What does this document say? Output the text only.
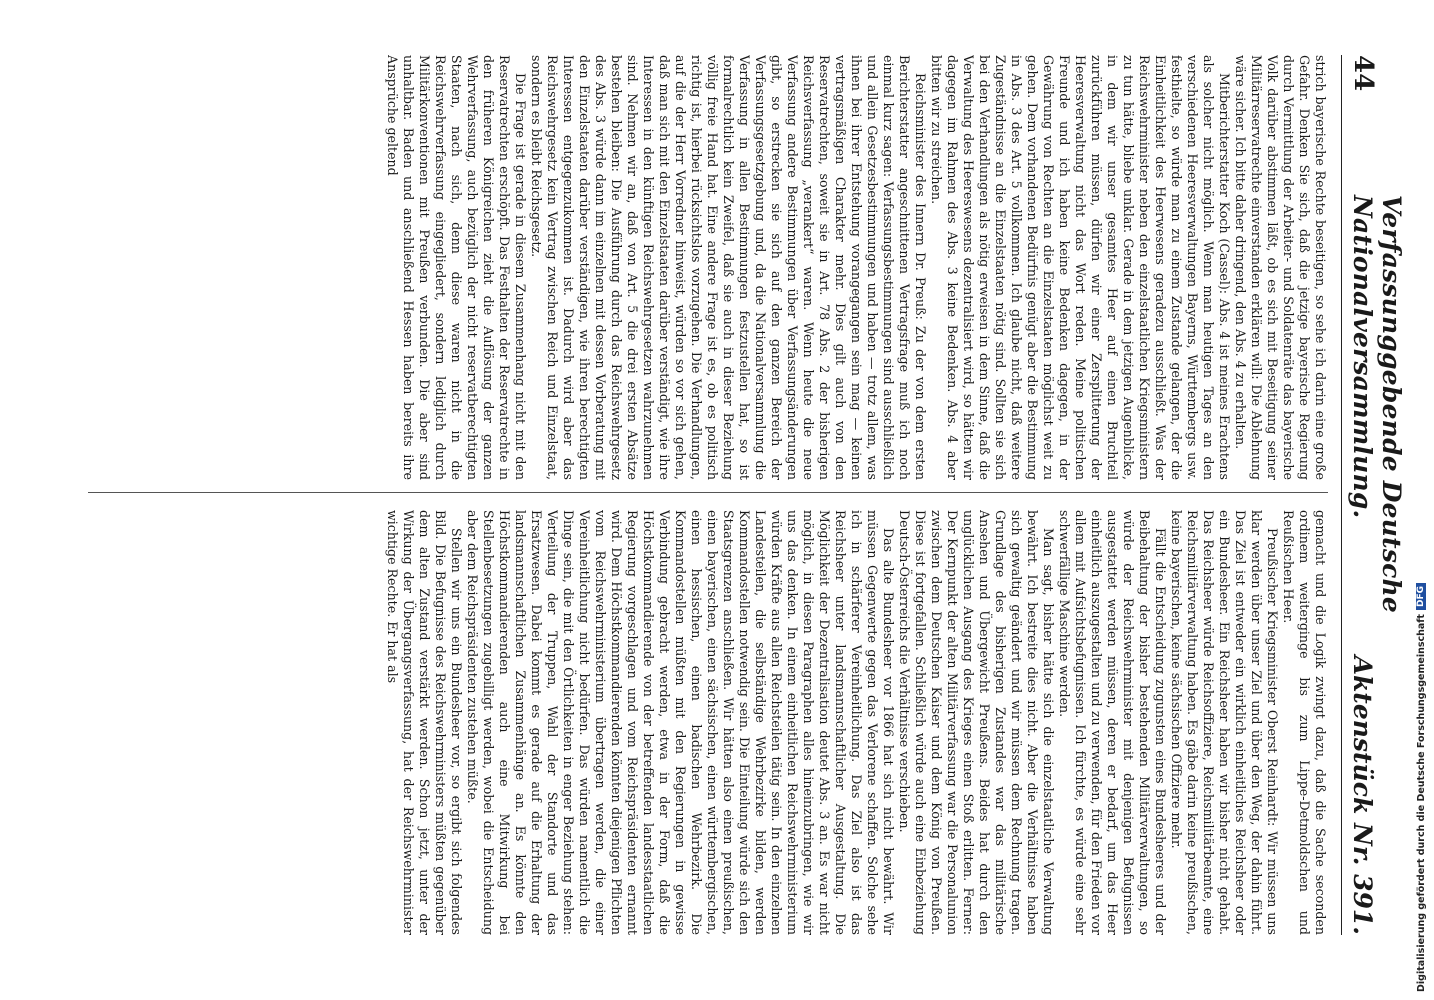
44
Verfassunggebende Deutsche Nationalversammlung.
Aktenstück Nr. 391.

strich bayerische Rechte beseitigen, so sehe ich darin eine große Gefahr. Denken Sie sich, daß die jetzige bayerische Regierung durch Vermittlung der Arbeiter- und Soldatenräte das bayerische Volk darüber abstimmen läßt, ob es sich mit Beseitigung seiner Militärreservatrechte einverstanden erklären will: Die Ablehnung wäre sicher. Ich bitte daher dringend, den Abs. 4 zu erhalten.

Mitberichterstatter Koch (Cassel): Abs. 4 ist meines Erachtens als solcher nicht möglich. Wenn man heutigen Tages an den verschiedenen Heeresverwaltungen Bayerns, Württembergs usw. festhielte, so würde man zu einem Zustande gelangen, der die Einheitlichkeit des Heerwesens geradezu ausschließt. Was der Reichswehrminister neben den einzelstaatlichen Kriegsministern zu tun hätte, bliebe unklar. Gerade in dem jetzigen Augenblicke, in dem wir unser gesamtes Heer auf einen Bruchteil zurückführen müssen, dürfen wir einer Zersplitterung der Heeresverwaltung nicht das Wort reden. Meine politischen Freunde und ich haben keine Bedenken dagegen, in der Gewährung von Rechten an die Einzelstaaten möglichst weit zu gehen. Dem vorhandenen Bedürfnis genügt aber die Bestimmung in Abs. 3 des Art. 5 vollkommen. Ich glaube nicht, daß weitere Zugeständnisse an die Einzelstaaten nötig sind. Sollten sie sich bei den Verhandlungen als nötig erweisen in dem Sinne, daß die Verwaltung des Heereswesens dezentralisiert wird, so hätten wir dagegen im Rahmen des Abs. 3 keine Bedenken. Abs. 4 aber bitten wir zu streichen.

Reichsminister des Innern Dr. Preuß: Zu der von dem ersten Berichterstatter angeschnittenen Vertragsfrage muß ich noch einmal kurz sagen: Verfassungsbestimmungen sind ausschließlich und allein Gesetzesbestimmungen und haben — trotz allem, was ihnen bei ihrer Entstehung vorangegangen sein mag — keinen vertragsmäßigen Charakter mehr. Dies gilt auch von den Reservatrechten, soweit sie in Art. 78 Abs. 2 der bisherigen Reichsverfassung „verankert“ waren. Wenn heute die neue Verfassung andere Bestimmungen über Verfassungsänderungen gibt, so erstrecken sie sich auf den ganzen Bereich der Verfassungsgesetzgebung und, da die Nationalversammlung die Verfassung in allen Bestimmungen festzustellen hat, so ist formalrechtlich kein Zweifel, daß sie auch in dieser Beziehung völlig freie Hand hat. Eine andere Frage ist es, ob es politisch richtig ist, hierbei rücksichtslos vorzugehen. Die Verhandlungen, auf die der Herr Vorredner hinweist, würden so vor sich gehen, daß man sich mit den Einzelstaaten darüber verständigt, wie ihre Interessen in den künftigen Reichswehrgesetzen wahrzunehmen sind. Nehmen wir an, daß von Art. 5 die drei ersten Absätze bestehen bleiben: Die Ausführung durch das Reichswehrgesetz des Abs. 3 würde dann im einzelnen mit dessen Vorberatung mit den Einzelstaaten darüber verständigen, wie ihren berechtigten Interessen entgegenzukommen ist. Dadurch wird aber das Reichswehrgesetz kein Vertrag zwischen Reich und Einzelstaat, sondern es bleibt Reichsgesetz.

Die Frage ist gerade in diesem Zusammenhang nicht mit den Reservatrechten erschöpft. Das Festhalten der Reservatrechte in den früheren Königreichen zieht die Auflösung der ganzen Wehrverfassung, auch bezüglich der nicht reservatberechtigten Staaten, nach sich, denn diese waren nicht in die Reichswehrverfassung eingegliedert, sondern lediglich durch Militärkonventionen mit Preußen verbunden. Die aber sind unhaltbar. Baden und anschließend Hessen haben bereits ihre Ansprüche geltend

gemacht und die Logik zwingt dazu, daß die Sache seconden ordinem weiterginge bis zum Lippe-Detmoldschen und Reußischen Heer.

Preußischer Kriegsminister Oberst Reinhardt: Wir müssen uns klar werden über unser Ziel und über den Weg, der dahin führt. Das Ziel ist entweder ein wirklich einheitliches Reichsheer oder ein Bundesheer. Ein Reichsheer haben wir bisher nicht gehabt. Das Reichsheer würde Reichsoffiziere, Reichsmilitärbeamte, eine Reichsmilitärverwaltung haben. Es gäbe darin keine preußischen, keine bayerischen, keine sächsischen Offiziere mehr.

Fällt die Entscheidung zugunsten eines Bundesheeres und der Beibehaltung der bisher bestehenden Militärverwaltungen, so würde der Reichswehrminister mit denjenigen Befugnissen ausgestattet werden müssen, deren er bedarf, um das Heer einheitlich auszugestalten und zu verwenden, für den Frieden vor allem mit Aufsichtsbefugnissen. Ich fürchte, es würde eine sehr schwerfällige Maschine werden.

Man sagt, bisher hätte sich die einzelstaatliche Verwaltung bewährt. Ich bestreite dies nicht. Aber die Verhältnisse haben sich gewaltig geändert und wir müssen dem Rechnung tragen. Grundlage des bisherigen Zustandes war das militärische Ansehen und Übergewicht Preußens. Beides hat durch den unglücklichen Ausgang des Krieges einen Stoß erlitten. Ferner: Der Kernpunkt der alten Militärverfassung war die Personalunion zwischen dem Deutschen Kaiser und dem König von Preußen. Diese ist fortgefallen. Schließlich würde auch eine Einbeziehung Deutsch-Österreichs die Verhältnisse verschieben.

Das alte Bundesheer vor 1866 hat sich nicht bewährt. Wir müssen Gegenwerte gegen das Verlorene schaffen. Solche sehe ich in schärferer Vereinheitlichung. Das Ziel also ist das Reichsheer unter landsmannschaftlicher Ausgestaltung. Die Möglichkeit der Dezentralisation deutet Abs. 3 an. Es war nicht möglich, in diesen Paragraphen alles hineinzubringen, wie wir uns das denken. In einem einheitlichen Reichswehrministerium würden Kräfte aus allen Reichsteilen tätig sein. In den einzelnen Landesteilen, die selbständige Wehrbezirke bilden, werden Kommandostellen notwendig sein. Die Einteilung würde sich den Staatsgrenzen anschließen. Wir hätten also einen preußischen, einen bayerischen, einen sächsischen, einen württembergischen, einen hessischen, einen badischen Wehrbezirk. Die Kommandostellen müßten mit den Regierungen in gewisse Verbindung gebracht werden, etwa in der Form, daß die Höchstkommandierende von der betreffenden landesstaatlichen Regierung vorgeschlagen und vom Reichspräsidenten ernannt wird. Dem Höchstkommandierenden könnten diejenigen Pflichten vom Reichswehrministerium übertragen werden, die einer Vereinheitlichung nicht bedürfen. Das würden namentlich die Dinge sein, die mit den Örtlichkeiten in enger Beziehung stehen: Verteilung der Truppen, Wahl der Standorte und das Ersatzwesen. Dabei kommt es gerade auf die Erhaltung der landsmannschaftlichen Zusammenhänge an. Es könnte den Höchstkommandierenden auch eine Mitwirkung bei Stellenbesetzungen zugebilligt werden, wobei die Entscheidung aber dem Reichspräsidenten zustehen müßte.

Stellen wir uns ein Bundesheer vor, so ergibt sich folgendes Bild. Die Befugnisse des Reichswehrministers müßten gegenüber dem alten Zustand verstärkt werden. Schon jetzt, unter der Wirkung der Übergangsverfassung, hat der Reichswehrminister wichtige Rechte. Er hat als

Digitalisierung gefördert durch die Deutsche Forschungsgemeinschaft
DFG
